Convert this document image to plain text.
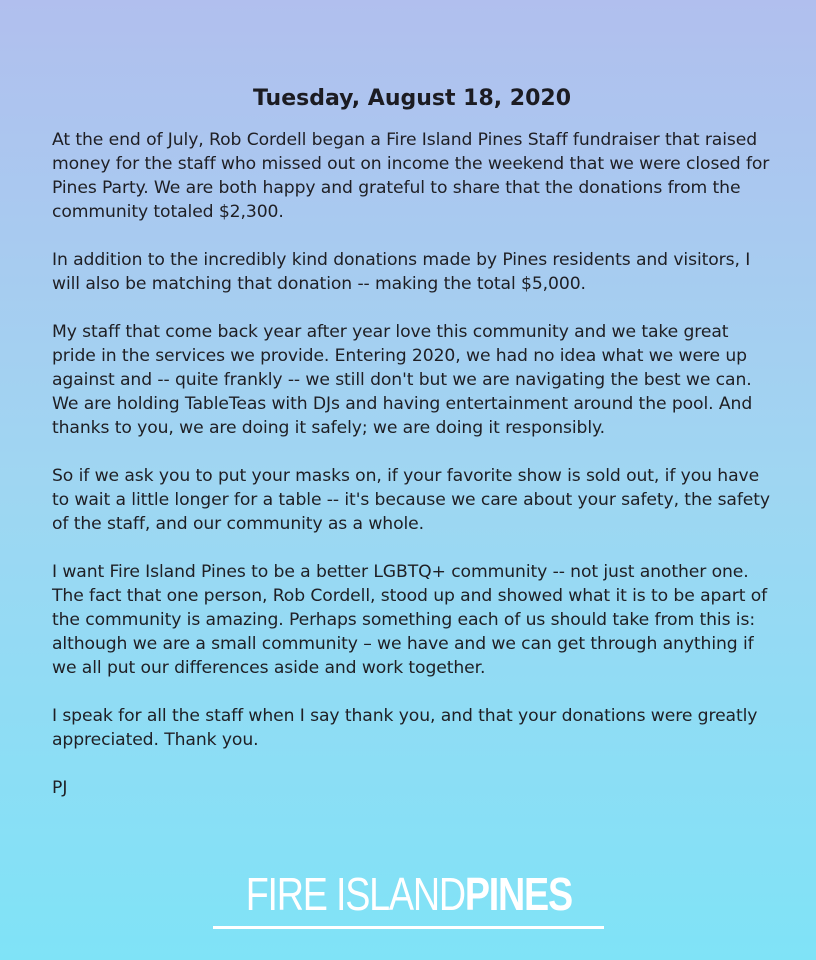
Tuesday, August 18, 2020

At the end of July, Rob Cordell began a Fire Island Pines Staff fundraiser that raised money for the staff who missed out on income the weekend that we were closed for Pines Party. We are both happy and grateful to share that the donations from the community totaled $2,300.

In addition to the incredibly kind donations made by Pines residents and visitors, I will also be matching that donation -- making the total $5,000.

My staff that come back year after year love this community and we take great pride in the services we provide. Entering 2020, we had no idea what we were up against and -- quite frankly -- we still don't but we are navigating the best we can. We are holding TableTeas with DJs and having entertainment around the pool. And thanks to you, we are doing it safely; we are doing it responsibly.

So if we ask you to put your masks on, if your favorite show is sold out, if you have to wait a little longer for a table -- it's because we care about your safety, the safety of the staff, and our community as a whole.

I want Fire Island Pines to be a better LGBTQ+ community -- not just another one. The fact that one person, Rob Cordell, stood up and showed what it is to be apart of the community is amazing. Perhaps something each of us should take from this is: although we are a small community – we have and we can get through anything if we all put our differences aside and work together.

I speak for all the staff when I say thank you, and that your donations were greatly appreciated. Thank you.

PJ

FIRE ISLANDPINES
